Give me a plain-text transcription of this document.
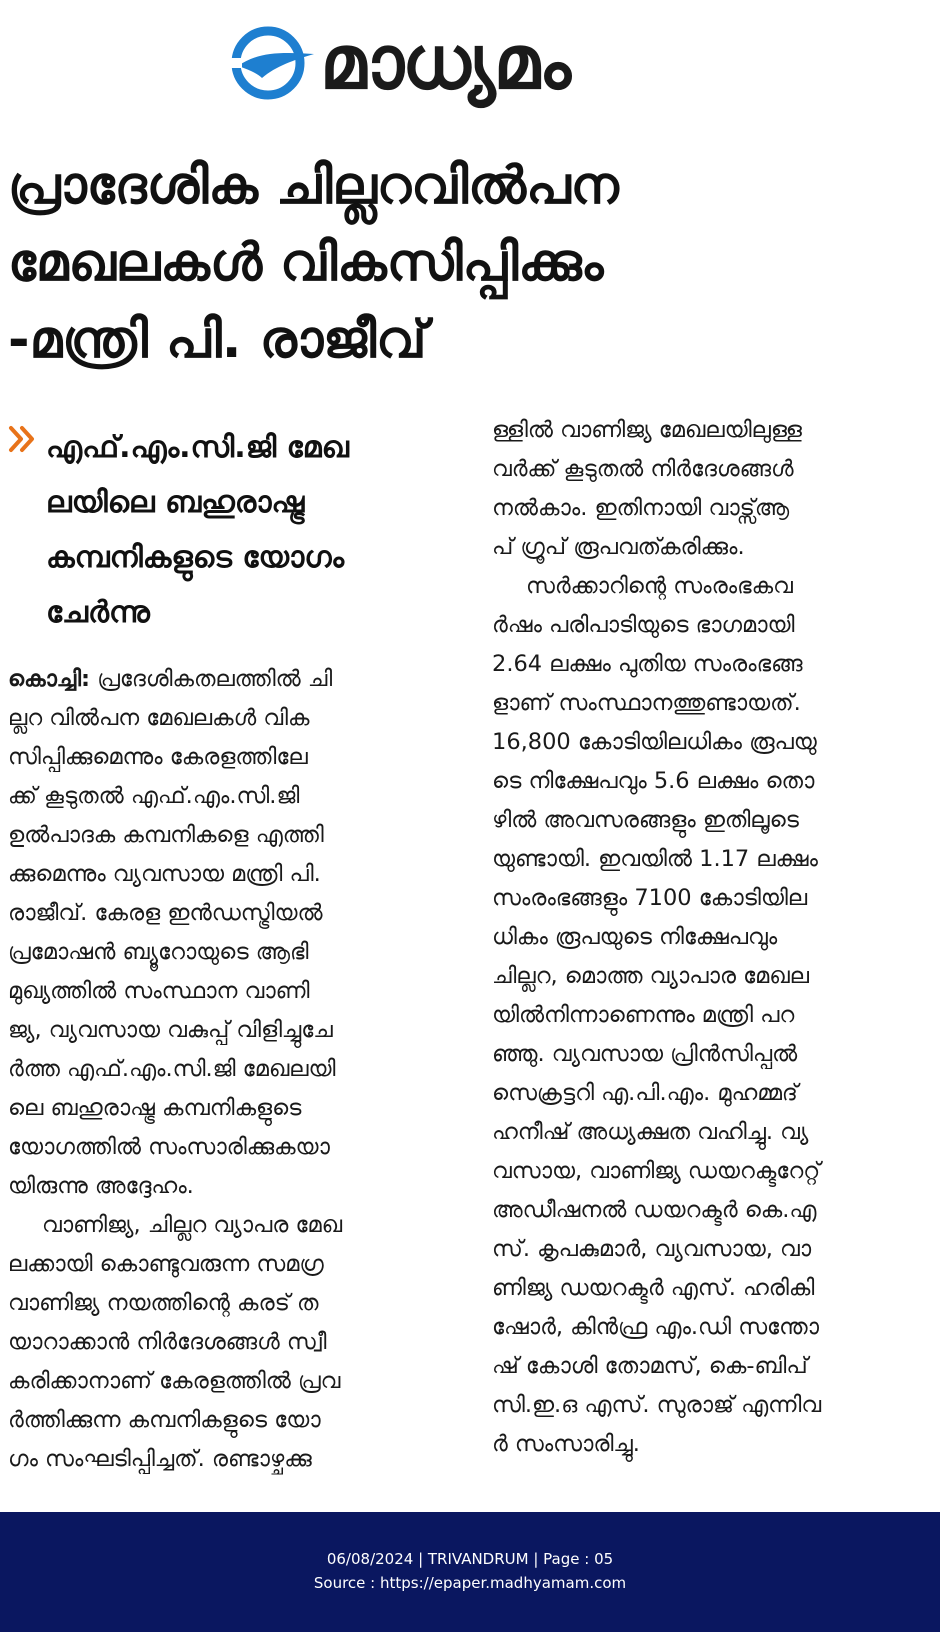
മാധ്യമം
പ്രാദേശിക ചില്ലറവിൽപന
മേഖലകൾ വികസിപ്പിക്കും
-മന്ത്രി പി. രാജീവ്
എഫ്.എം.സി.ജി മേഖ
ലയിലെ ബഹുരാഷ്ട്ര
കമ്പനികളുടെ യോഗം
ചേർന്നു
കൊച്ചി: പ്രദേശികതലത്തിൽ ചി
ല്ലറ വിൽപന മേഖലകൾ വിക
സിപ്പിക്കുമെന്നും കേരളത്തിലേ
ക്ക് കൂടുതൽ എഫ്.എം.സി.ജി
ഉൽപാദക കമ്പനികളെ എത്തി
ക്കുമെന്നും വ്യവസായ മന്ത്രി പി.
രാജീവ്. കേരള ഇൻഡസ്ട്രിയൽ
പ്രമോഷൻ ബ്യൂറോയുടെ ആഭി
മുഖ്യത്തിൽ സംസ്ഥാന വാണി
ജ്യ, വ്യവസായ വകുപ്പ് വിളിച്ചുചേ
ർത്ത എഫ്.എം.സി.ജി മേഖലയി
ലെ ബഹുരാഷ്ട്ര കമ്പനികളുടെ
യോഗത്തിൽ സംസാരിക്കുകയാ
യിരുന്നു അദ്ദേഹം.
വാണിജ്യ, ചില്ലറ വ്യാപര മേഖ
ലക്കായി കൊണ്ടുവരുന്ന സമഗ്ര
വാണിജ്യ നയത്തിന്റെ കരട് ത
യാറാക്കാൻ നിർദേശങ്ങൾ സ്വീ
കരിക്കാനാണ് കേരളത്തിൽ പ്രവ
ർത്തിക്കുന്ന കമ്പനികളുടെ യോ
ഗം സംഘടിപ്പിച്ചത്. രണ്ടാഴ്ചക്കു
ള്ളിൽ വാണിജ്യ മേഖലയിലുള്ള
വർക്ക് കൂടുതൽ നിർദേശങ്ങൾ
നൽകാം. ഇതിനായി വാട്സ്ആ
പ് ഗ്രൂപ് രൂപവത്കരിക്കും.
സർക്കാറിന്റെ സംരംഭകവ
ർഷം പരിപാടിയുടെ ഭാഗമായി
2.64 ലക്ഷം പുതിയ സംരംഭങ്ങ
ളാണ് സംസ്ഥാനത്തുണ്ടായത്.
16,800 കോടിയിലധികം രൂപയു
ടെ നിക്ഷേപവും 5.6 ലക്ഷം തൊ
ഴിൽ അവസരങ്ങളും ഇതിലൂടെ
യുണ്ടായി. ഇവയിൽ 1.17 ലക്ഷം
സംരംഭങ്ങളും 7100 കോടിയില
ധികം രൂപയുടെ നിക്ഷേപവും
ചില്ലറ, മൊത്ത വ്യാപാര മേഖല
യിൽനിന്നാണെന്നും മന്ത്രി പറ
ഞ്ഞു. വ്യവസായ പ്രിൻസിപ്പൽ
സെക്രട്ടറി എ.പി.എം. മുഹമ്മദ്
ഹനീഷ് അധ്യക്ഷത വഹിച്ചു. വ്യ
വസായ, വാണിജ്യ ഡയറക്ടറേറ്റ്
അഡീഷനൽ ഡയറക്ടർ കെ.എ
സ്. കൃപകുമാർ, വ്യവസായ, വാ
ണിജ്യ ഡയറക്ടർ എസ്. ഹരികി
ഷോർ, കിൻഫ്ര എം.ഡി സന്തോ
ഷ് കോശി തോമസ്, കെ-ബിപ്
സി.ഇ.ഒ എസ്. സുരാജ് എന്നിവ
ർ സംസാരിച്ചു.
06/08/2024 | TRIVANDRUM | Page : 05
Source : https://epaper.madhyamam.com
